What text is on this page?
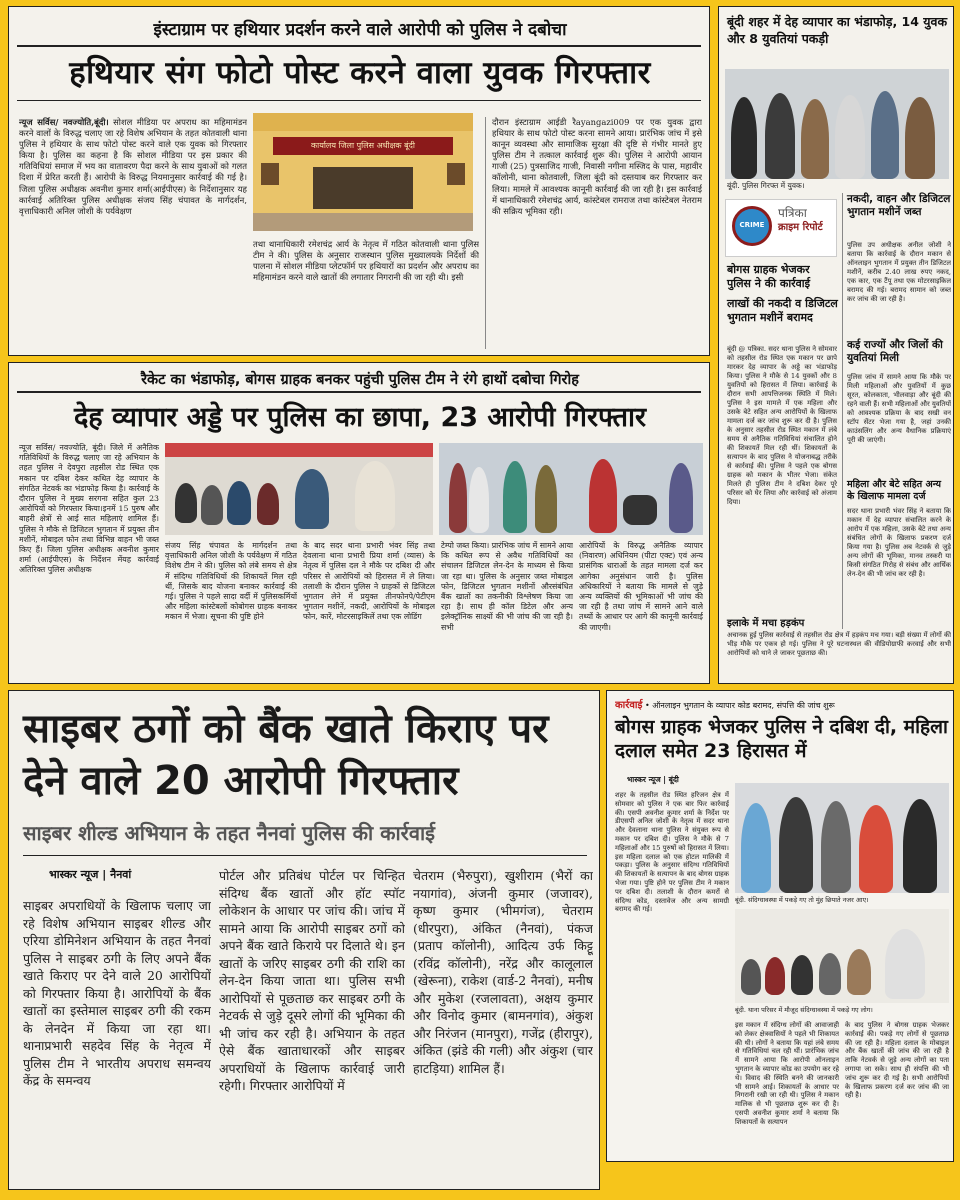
इंस्टाग्राम पर हथियार प्रदर्शन करने वाले आरोपी को पुलिस ने दबोचा
हथियार संग फोटो पोस्ट करने वाला युवक गिरफ्तार
न्यूज सर्विस/ नवज्योति,बूंदी। सोशल मीडिया पर अपराध का महिमामंडन करने वालों के विरुद्ध चलाए जा रहे विशेष अभियान के तहत कोतवाली थाना पुलिस ने हथियार के साथ फोटो पोस्ट करने वाले एक युवक को गिरफ्तार किया है। पुलिस का कहना है कि सोशल मीडिया पर इस प्रकार की गतिविधियां समाज में भय का वातावरण पैदा करने के साथ युवाओं को गलत दिशा में प्रेरित करती हैं। आरोपी के विरुद्ध नियमानुसार कार्रवाई की गई है। जिला पुलिस अधीक्षक अवनीश कुमार शर्मा(आईपीएस) के निर्देशानुसार यह कार्रवाई अतिरिक्त पुलिस अधीक्षक संजय सिंह चंपावत के मार्गदर्शन, वृत्ताधिकारी अनिल जोशी के पर्यवेक्षण
कार्यालय जिला पुलिस अधीक्षक बूंदी
तथा थानाधिकारी रमेशचंद्र आर्य के नेतृत्व में गठित कोतवाली थाना पुलिस टीम ने की। पुलिस के अनुसार राजस्थान पुलिस मुख्यालयके निर्देशों की पालना में सोशल मीडिया प्लेटफॉर्म पर हथियारों का प्रदर्शन और अपराध का महिमामंडन करने वाले खातों की लगातार निगरानी की जा रही थी। इसी
दौरान इंस्टाग्राम आईडी रैayangazi009 पर एक युवक द्वारा हथियार के साथ फोटो पोस्ट करना सामने आया। प्रारंभिक जांच में इसे कानून व्यवस्था और सामाजिक सुरक्षा की दृष्टि से गंभीर मानते हुए पुलिस टीम ने तत्काल कार्रवाई शुरू की। पुलिस ने आरोपी आयान गाजी (25) पुत्रसाजिद गाजी, निवासी नगीना मस्जिद के पास, महावीर कॉलोनी, थाना कोतवाली, जिला बूंदी को दस्तयाब कर गिरफ्तार कर लिया। मामले में आवश्यक कानूनी कार्रवाई की जा रही है। इस कार्रवाई में थानाधिकारी रमेशचंद्र आर्य, कांस्टेबल रामराज तथा कांस्टेबल नेतराम की सक्रिय भूमिका रही।
बूंदी शहर में देह व्यापार का भंडाफोड़, 14 युवक और 8 युवतियां पकड़ी
बूंदी. पुलिस गिरफ्त में युवक।
CRIME
पत्रिका
क्राइम रिपोर्ट
बोगस ग्राहक भेजकर पुलिस ने की कार्रवाई
लाखों की नकदी व डिजिटल भुगतान मशीनें बरामद
बूंदी @ पत्रिका. सदर थाना पुलिस ने सोमवार को तहसील रोड स्थित एक मकान पर छापे मारकर देह व्यापार के अड्डे का भंडाफोड़ किया। पुलिस ने मौके से 14 युवकों और 8 युवतियों को हिरासत में लिया। कार्रवाई के दौरान सभी आपत्तिजनक स्थिति में मिले। पुलिस ने इस मामले में एक महिला और उसके बेटे सहित अन्य आरोपियों के खिलाफ मामला दर्ज कर जांच शुरू कर दी है। पुलिस के अनुसार तहसील रोड स्थित मकान में लंबे समय से अनैतिक गतिविधियां संचालित होने की शिकायतें मिल रही थीं। शिकायतों के सत्यापन के बाद पुलिस ने योजनाबद्ध तरीके से कार्रवाई की। पुलिस ने पहले एक बोगस ग्राहक को मकान के भीतर भेजा। संकेत मिलते ही पुलिस टीम ने दबिश देकर पूरे परिसर को घेर लिया और कार्रवाई को अंजाम दिया।
इलाके में मचा हड़कंप
नकदी, वाहन और डिजिटल भुगतान मशीनें जब्त
पुलिस उप अधीक्षक अनील जोशी ने बताया कि कार्रवाई के दौरान मकान से ऑनलाइन भुगतान में प्रयुक्त तीन डिजिटल मशीनें, करीब 2.40 लाख रुपए नकद, एक कार, एक टैंपू तथा एक मोटरसाइकिल बरामद की गई। बरामद सामान को जब्त कर जांच की जा रही है।
कई राज्यों और जिलों की युवतियां मिली
पुलिस जांच में सामने आया कि मौके पर मिली महिलाओं और युवतियों में कुछ सूरत, कोलकाता, भीलवाड़ा और बूंदी की रहने वाली हैं। सभी महिलाओं और युवतियों को आवश्यक प्रक्रिया के बाद सखी वन स्टॉप सेंटर भेजा गया है, जहां उनकी काउंसलिंग और अन्य वैधानिक प्रक्रियाएं पूरी की जाएंगी।
महिला और बेटे सहित अन्य के खिलाफ मामला दर्ज
सदर थाना प्रभारी भंवर सिंह ने बताया कि मकान में देह व्यापार संचालित करने के आरोप में एक महिला, उसके बेटे तथा अन्य संबंधित लोगों के खिलाफ प्रकरण दर्ज किया गया है। पुलिस अब नेटवर्क से जुड़े अन्य लोगों की भूमिका, मानव तस्करी या किसी संगठित गिरोह से संबंध और आर्थिक लेन-देन की भी जांच कर रही है।
अचानक हुई पुलिस कार्रवाई से तहसील रोड क्षेत्र में हड़कंप मच गया। बड़ी संख्या में लोगों की भीड़ मौके पर एकत्र हो गई। पुलिस ने पूरे घटनास्थल की वीडियोग्राफी करवाई और सभी आरोपियों को थाने ले जाकर पूछताछ की।
रैकेट का भंडाफोड़, बोगस ग्राहक बनकर पहुंची पुलिस टीम ने रंगे हाथों दबोचा गिरोह
देह व्यापार अड्डे पर पुलिस का छापा, 23 आरोपी गिरफ्तार
न्यूज सर्विस/ नवज्योति, बूंदी। जिले में अनैतिक गतिविधियों के विरुद्ध चलाए जा रहे अभियान के तहत पुलिस ने देवपुरा तहसील रोड स्थित एक मकान पर दबिश देकर कथित देह व्यापार के संगठित नेटवर्क का भंडाफोड़ किया है। कार्रवाई के दौरान पुलिस ने मुख्य सरगना सहित कुल 23 आरोपियों को गिरफ्तार किया।इनमें 15 पुरुष और बाहरी क्षेत्रों से आई सात महिलाएं शामिल हैं। पुलिस ने मौके से डिजिटल भुगतान में प्रयुक्त तीन मशीनें, मोबाइल फोन तथा विभिन्न वाहन भी जब्त किए हैं। जिला पुलिस अधीक्षक अवनीश कुमार शर्मा (आईपीएस) के निर्देशन मेंयह कार्रवाई अतिरिक्त पुलिस अधीक्षक
संजय सिंह चंपावत के मार्गदर्शन तथा वृत्ताधिकारी अनिल जोशी के पर्यवेक्षण में गठित विशेष टीम ने की। पुलिस को लंबे समय से क्षेत्र में संदिग्ध गतिविधियों की शिकायतें मिल रही थीं, जिसके बाद योजना बनाकर कार्रवाई की गई। पुलिस ने पहले सादा वर्दी में पुलिसकर्मियों और महिला कांस्टेबलों कोबोगस ग्राहक बनाकर मकान में भेजा। सूचना की पुष्टि होने
के बाद सदर थाना प्रभारी भंवर सिंह तथा देवलाना थाना प्रभारी प्रिया शर्मा (व्यास) के नेतृत्व में पुलिस दल ने मौके पर दबिश दी और परिसर से आरोपियों को हिरासत में ले लिया। तलाशी के दौरान पुलिस ने ग्राहकों से डिजिटल भुगतान लेने में प्रयुक्त तीनफोनपे/पेटीएम भुगतान मशीनें, नकदी, आरोपियों के मोबाइल फोन, कारें, मोटरसाइकिलें तथा एक लोडिंग
टेम्पो जब्त किया। प्रारंभिक जांच में सामने आया कि कथित रूप से अवैध गतिविधियों का संचालन डिजिटल लेन-देन के माध्यम से किया जा रहा था। पुलिस के अनुसार जब्त मोबाइल फोन, डिजिटल भुगतान मशीनों औरसंबंधित बैंक खातों का तकनीकी विश्लेषण किया जा रहा है। साथ ही कॉल डिटेल और अन्य इलेक्ट्रॉनिक साक्ष्यों की भी जांच की जा रही है। सभी
आरोपियों के विरुद्ध अनैतिक व्यापार (निवारण) अधिनियम (पीटा एक्ट) एवं अन्य प्रासंगिक धाराओं के तहत मामला दर्ज कर आगेका अनुसंधान जारी है। पुलिस अधिकारियों ने बताया कि मामले से जुड़े अन्य व्यक्तियों की भूमिकाओं भी जांच की जा रही है तथा जांच में सामने आने वाले तथ्यों के आधार पर आगे की कानूनी कार्रवाई की जाएगी।
साइबर ठगों को बैंक खाते किराए पर देने वाले 20 आरोपी गिरफ्तार
साइबर शील्ड अभियान के तहत नैनवां पुलिस की कार्रवाई
भास्कर न्यूज | नैनवां
साइबर अपराधियों के खिलाफ चलाए जा रहे विशेष अभियान साइबर शील्ड और एरिया डोमिनेशन अभियान के तहत नैनवां पुलिस ने साइबर ठगी के लिए अपने बैंक खाते किराए पर देने वाले 20 आरोपियों को गिरफ्तार किया है। आरोपियों के बैंक खातों का इस्तेमाल साइबर ठगी की रकम के लेनदेन में किया जा रहा था। थानाप्रभारी सहदेव सिंह के नेतृत्व में पुलिस टीम ने भारतीय अपराध समन्वय केंद्र के समन्वय
पोर्टल और प्रतिबंध पोर्टल पर चिन्हित संदिग्ध बैंक खातों और हॉट स्पॉट लोकेशन के आधार पर जांच की। जांच में सामने आया कि आरोपी साइबर ठगों को अपने बैंक खाते किराये पर दिलाते थे। इन खातों के जरिए साइबर ठगी की राशि का लेन-देन किया जाता था। पुलिस सभी आरोपियों से पूछताछ कर साइबर ठगी के नेटवर्क से जुड़े दूसरे लोगों की भूमिका की भी जांच कर रही है। अभियान के तहत ऐसे बैंक खाताधारकों और साइबर अपराधियों के खिलाफ कार्रवाई जारी रहेगी। गिरफ्तार आरोपियों में
चेतराम (भैरुपुरा), खुशीराम (भैरों का नयागांव), अंजनी कुमार (जजावर), कृष्ण कुमार (भीमगंज), चेतराम (धीरपुरा), अंकित (नैनवां), पंकज (प्रताप कॉलोनी), आदित्य उर्फ किट्टू (रविंद्र कॉलोनी), नरेंद्र और कालूलाल (खेरूना), राकेश (वार्ड-2 नैनवां), मनीष और मुकेश (रजलावता), अक्षय कुमार और विनोद कुमार (बामनगांव), अंकुश और निरंजन (मानपुरा), गजेंद्र (हीरापुर), अंकित (झंडे की गली) और अंकुश (चार हाटड़िया) शामिल हैं।
कार्रवाई • ऑनलाइन भुगतान के व्यापार कोड बरामद, संपत्ति की जांच शुरू
बोगस ग्राहक भेजकर पुलिस ने दबिश दी, महिला दलाल समेत 23 हिरासत में
भास्कर न्यूज | बूंदी
शहर के तहसील रोड स्थित हरिजन क्षेत्र में सोमवार को पुलिस ने एक बार फिर कार्रवाई की। एसपी अवनीश कुमार शर्मा के निर्देश पर डीएसपी अनिल जोशी के नेतृत्व में सदर थाना और देवलाना थाना पुलिस ने संयुक्त रूप से मकान पर दबिश दी। पुलिस ने मौके से 7 महिलाओं और 15 पुरुषों को हिरासत में लिया। इस महिला दलाल को एक होटल मालिकी में पकड़ा। पुलिस के अनुसार संदिग्ध गतिविधियों की शिकायतों के सत्यापन के बाद बोगस ग्राहक भेजा गया। पुष्टि होने पर पुलिस टीम ने मकान पर दबिश दी। तलाशी के दौरान कमरों से संदिग्ध कोड, दस्तावेज और अन्य सामग्री बरामद की गई।
बूंदी. संदिग्धावस्था में पकड़े गए तो मुंह छिपाते नजर आए।
बूंदी. थाना परिसर में मौजूद संदिग्धावस्था में पकड़े गए लोग।
इस मकान में संदिग्ध लोगों की आवाजाही को लेकर क्षेत्रवासियों ने पहले भी शिकायत की थी। लोगों ने बताया कि यहां लंबे समय से गतिविधियां चल रही थीं। प्रारंभिक जांच में सामने आया कि आरोपी ऑनलाइन भुगतान के व्यापार कोड का उपयोग कर रहे थे। विवाद की स्थिति बनने की जानकारी भी सामने आई। शिकायतों के आधार पर निगरानी रखी जा रही थी। पुलिस ने मकान मालिक से भी पूछताछ शुरू कर दी है। एसपी अवनीश कुमार शर्मा ने बताया कि शिकायतों के सत्यापन
के बाद पुलिस ने बोगस ग्राहक भेजकर कार्रवाई की। पकड़े गए लोगों से पूछताछ की जा रही है। महिला दलाल के मोबाइल और बैंक खातों की जांच की जा रही है ताकि नेटवर्क से जुड़े अन्य लोगों का पता लगाया जा सके। साथ ही संपत्ति की भी जांच शुरू कर दी गई है। सभी आरोपियों के खिलाफ प्रकरण दर्ज कर जांच की जा रही है।
